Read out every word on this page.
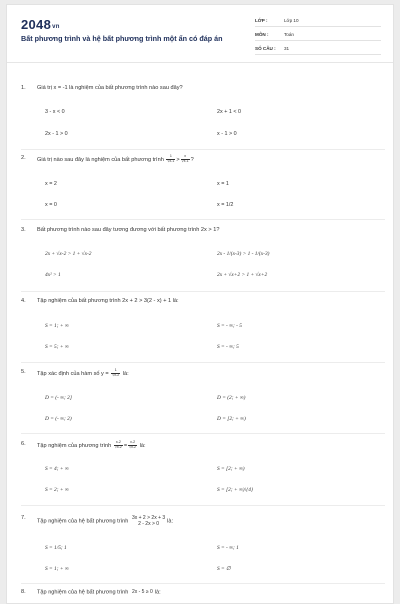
2048vn
Bất phương trình và hệ bất phương trình một ẩn có đáp án
LỚP :	Lớp 10
MÔN :	Toán
SỐ CÂU : 31
1. Giá trị x = -1 là nghiệm của bất phương trình nào sau đây?
3 - x < 0	2x + 1 < 0
2x - 1 > 0	x - 1 > 0
2. Giá trị nào sau đây là nghiệm của bất phương trình $\frac{1}{√x-1} > \frac{x}{√x-1}$ ?
x = 2	x = 1
x = 0	x = 1/2
3. Bất phương trình nào sau đây tương đương với bất phương trình 2x > 1?
2x + √x-2 > 1 + √x-2	2x - 1/(x-3) > 1 - 1/(x-3)
4x² > 1	2x + √x+2 > 1 + √x+2
4. Tập nghiệm của bất phương trình 2x + 2 > 3(2 - x) + 1 là:
S = 1; + ∞	S = - ∞; - 5
S = 5; + ∞	S = - ∞; 5
5. Tập xác định của hàm số $y = \frac{1}{√x-2}$ là:
D = (- ∞; 2]	D = (2; + ∞)
D = (- ∞; 2)	D = [2; + ∞)
6. Tập nghiệm của phương trình $\frac{x-2}{√x-2} = \frac{x-2}{√x-2}$ là:
S = 4; + ∞	S = [2; + ∞)
S = 2; + ∞	S = [2; + ∞)\{4}
7.
Tập nghiệm của hệ bất phương trình
3x + 2 > 2x + 3
2 - 2x > 0	là:
S = 1/5; 1	S = - ∞; 1
S = 1; + ∞	S = ∅
8. Tập nghiệm của hệ bất phương trình 2x - 5 ≥ 0 là:
